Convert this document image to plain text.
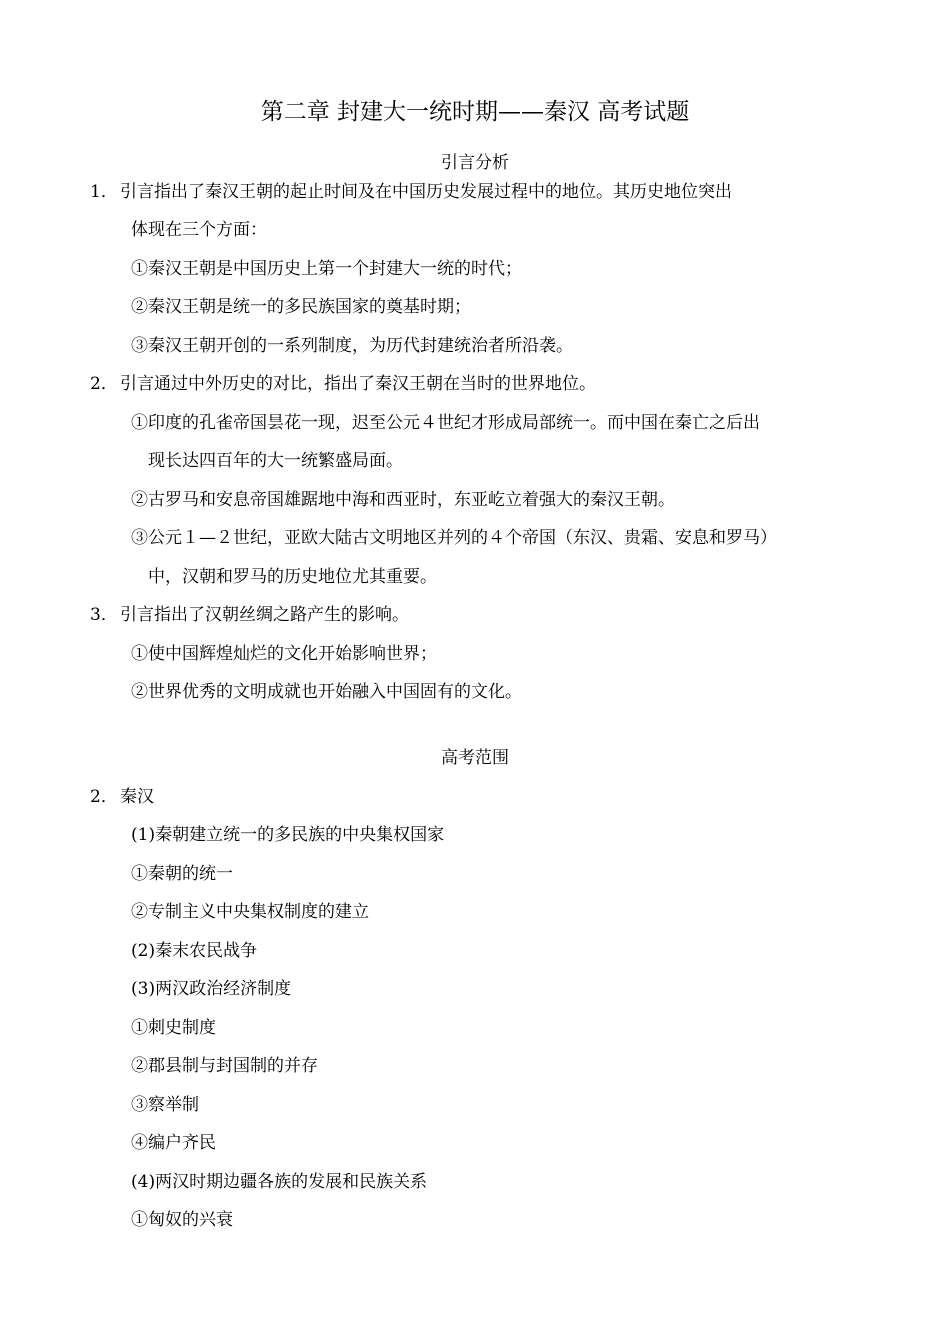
第二章 封建大一统时期——秦汉 高考试题
引言分析
1． 引言指出了秦汉王朝的起止时间及在中国历史发展过程中的地位。其历史地位突出
体现在三个方面：
①秦汉王朝是中国历史上第一个封建大一统的时代；
②秦汉王朝是统一的多民族国家的奠基时期；
③秦汉王朝开创的一系列制度，为历代封建统治者所沿袭。
2． 引言通过中外历史的对比，指出了秦汉王朝在当时的世界地位。
①印度的孔雀帝国昙花一现，迟至公元４世纪才形成局部统一。而中国在秦亡之后出
现长达四百年的大一统繁盛局面。
②古罗马和安息帝国雄踞地中海和西亚时，东亚屹立着强大的秦汉王朝。
③公元１—２世纪，亚欧大陆古文明地区并列的４个帝国（东汉、贵霜、安息和罗马）
中，汉朝和罗马的历史地位尤其重要。
3． 引言指出了汉朝丝绸之路产生的影响。
①使中国辉煌灿烂的文化开始影响世界；
②世界优秀的文明成就也开始融入中国固有的文化。
高考范围
2． 秦汉
(1)秦朝建立统一的多民族的中央集权国家
①秦朝的统一
②专制主义中央集权制度的建立
(2)秦末农民战争
(3)两汉政治经济制度
①刺史制度
②郡县制与封国制的并存
③察举制
④编户齐民
(4)两汉时期边疆各族的发展和民族关系
①匈奴的兴衰
